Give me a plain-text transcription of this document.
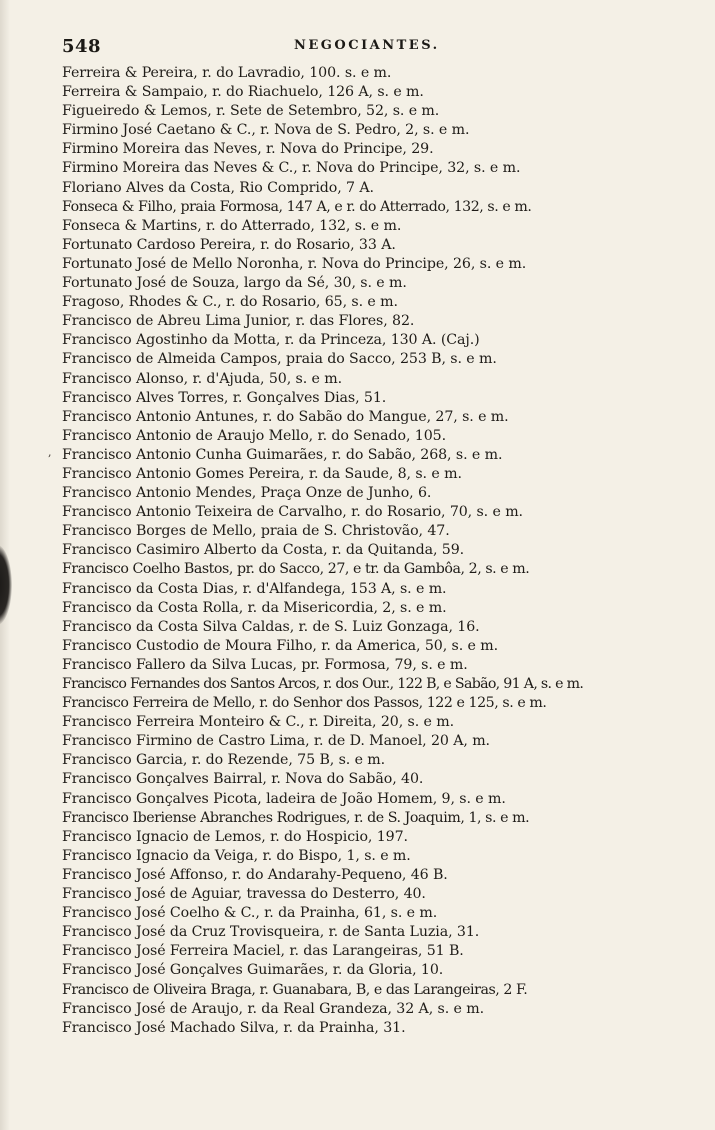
,
548	NEGOCIANTES.
Ferreira & Pereira, r. do Lavradio, 100. s. e m.
Ferreira & Sampaio, r. do Riachuelo, 126 A, s. e m.
Figueiredo & Lemos, r. Sete de Setembro, 52, s. e m.
Firmino José Caetano & C., r. Nova de S. Pedro, 2, s. e m.
Firmino Moreira das Neves, r. Nova do Principe, 29.
Firmino Moreira das Neves & C., r. Nova do Principe, 32, s. e m.
Floriano Alves da Costa, Rio Comprido, 7 A.
Fonseca & Filho, praia Formosa, 147 A, e r. do Atterrado, 132, s. e m.
Fonseca & Martins, r. do Atterrado, 132, s. e m.
Fortunato Cardoso Pereira, r. do Rosario, 33 A.
Fortunato José de Mello Noronha, r. Nova do Principe, 26, s. e m.
Fortunato José de Souza, largo da Sé, 30, s. e m.
Fragoso, Rhodes & C., r. do Rosario, 65, s. e m.
Francisco de Abreu Lima Junior, r. das Flores, 82.
Francisco Agostinho da Motta, r. da Princeza, 130 A. (Caj.)
Francisco de Almeida Campos, praia do Sacco, 253 B, s. e m.
Francisco Alonso, r. d'Ajuda, 50, s. e m.
Francisco Alves Torres, r. Gonçalves Dias, 51.
Francisco Antonio Antunes, r. do Sabão do Mangue, 27, s. e m.
Francisco Antonio de Araujo Mello, r. do Senado, 105.
Francisco Antonio Cunha Guimarães, r. do Sabão, 268, s. e m.
Francisco Antonio Gomes Pereira, r. da Saude, 8, s. e m.
Francisco Antonio Mendes, Praça Onze de Junho, 6.
Francisco Antonio Teixeira de Carvalho, r. do Rosario, 70, s. e m.
Francisco Borges de Mello, praia de S. Christovão, 47.
Francisco Casimiro Alberto da Costa, r. da Quitanda, 59.
Francisco Coelho Bastos, pr. do Sacco, 27, e tr. da Gambôa, 2, s. e m.
Francisco da Costa Dias, r. d'Alfandega, 153 A, s. e m.
Francisco da Costa Rolla, r. da Misericordia, 2, s. e m.
Francisco da Costa Silva Caldas, r. de S. Luiz Gonzaga, 16.
Francisco Custodio de Moura Filho, r. da America, 50, s. e m.
Francisco Fallero da Silva Lucas, pr. Formosa, 79, s. e m.
Francisco Fernandes dos Santos Arcos, r. dos Our., 122 B, e Sabão, 91 A, s. e m.
Francisco Ferreira de Mello, r. do Senhor dos Passos, 122 e 125, s. e m.
Francisco Ferreira Monteiro & C., r. Direita, 20, s. e m.
Francisco Firmino de Castro Lima, r. de D. Manoel, 20 A, m.
Francisco Garcia, r. do Rezende, 75 B, s. e m.
Francisco Gonçalves Bairral, r. Nova do Sabão, 40.
Francisco Gonçalves Picota, ladeira de João Homem, 9, s. e m.
Francisco Iberiense Abranches Rodrigues, r. de S. Joaquim, 1, s. e m.
Francisco Ignacio de Lemos, r. do Hospicio, 197.
Francisco Ignacio da Veiga, r. do Bispo, 1, s. e m.
Francisco José Affonso, r. do Andarahy-Pequeno, 46 B.
Francisco José de Aguiar, travessa do Desterro, 40.
Francisco José Coelho & C., r. da Prainha, 61, s. e m.
Francisco José da Cruz Trovisqueira, r. de Santa Luzia, 31.
Francisco José Ferreira Maciel, r. das Larangeiras, 51 B.
Francisco José Gonçalves Guimarães, r. da Gloria, 10.
Francisco de Oliveira Braga, r. Guanabara, B, e das Larangeiras, 2 F.
Francisco José de Araujo, r. da Real Grandeza, 32 A, s. e m.
Francisco José Machado Silva, r. da Prainha, 31.
